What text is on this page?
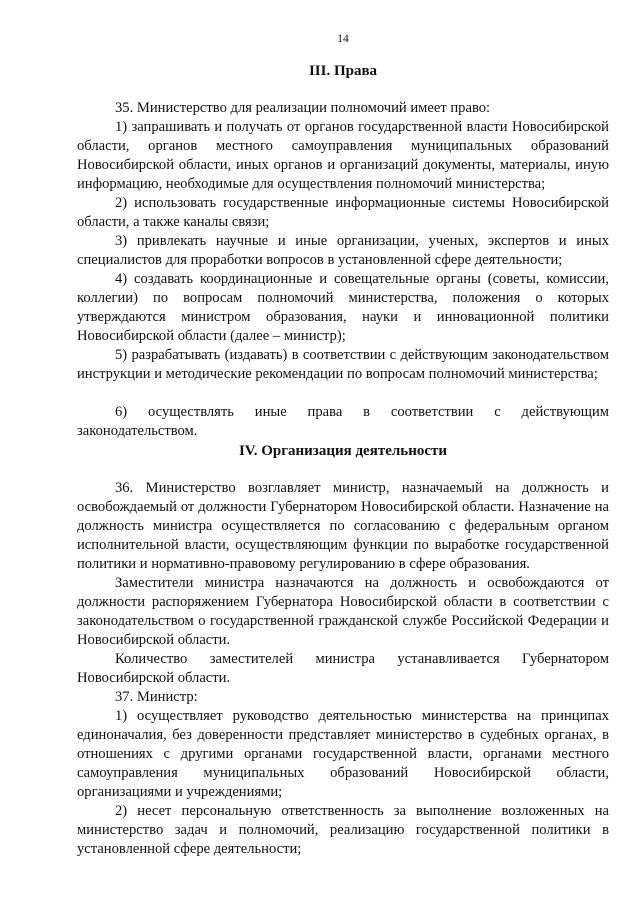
14
III. Права

35. Министерство для реализации полномочий имеет право:

1) запрашивать и получать от органов государственной власти Новосибирской области, органов местного самоуправления муниципальных образований Новосибирской области, иных органов и организаций документы, материалы, иную информацию, необходимые для осуществления полномочий министерства;

2) использовать государственные информационные системы Новосибирской области, а также каналы связи;

3) привлекать научные и иные организации, ученых, экспертов и иных специалистов для проработки вопросов в установленной сфере деятельности;

4) создавать координационные и совещательные органы (советы, комиссии, коллегии) по вопросам полномочий министерства, положения о которых утверждаются министром образования, науки и инновационной политики Новосибирской области (далее – министр);

5) разрабатывать (издавать) в соответствии с действующим законодательством инструкции и методические рекомендации по вопросам полномочий министерства;

6) осуществлять иные права в соответствии с действующим законодательством.

IV. Организация деятельности

36. Министерство возглавляет министр, назначаемый на должность и освобождаемый от должности Губернатором Новосибирской области. Назначение на должность министра осуществляется по согласованию с федеральным органом исполнительной власти, осуществляющим функции по выработке государственной политики и нормативно-правовому регулированию в сфере образования.

Заместители министра назначаются на должность и освобождаются от должности распоряжением Губернатора Новосибирской области в соответствии с законодательством о государственной гражданской службе Российской Федерации и Новосибирской области.

Количество заместителей министра устанавливается Губернатором Новосибирской области.

37. Министр:

1) осуществляет руководство деятельностью министерства на принципах единоначалия, без доверенности представляет министерство в судебных органах, в отношениях с другими органами государственной власти, органами местного самоуправления муниципальных образований Новосибирской области, организациями и учреждениями;

2) несет персональную ответственность за выполнение возложенных на министерство задач и полномочий, реализацию государственной политики в установленной сфере деятельности;
